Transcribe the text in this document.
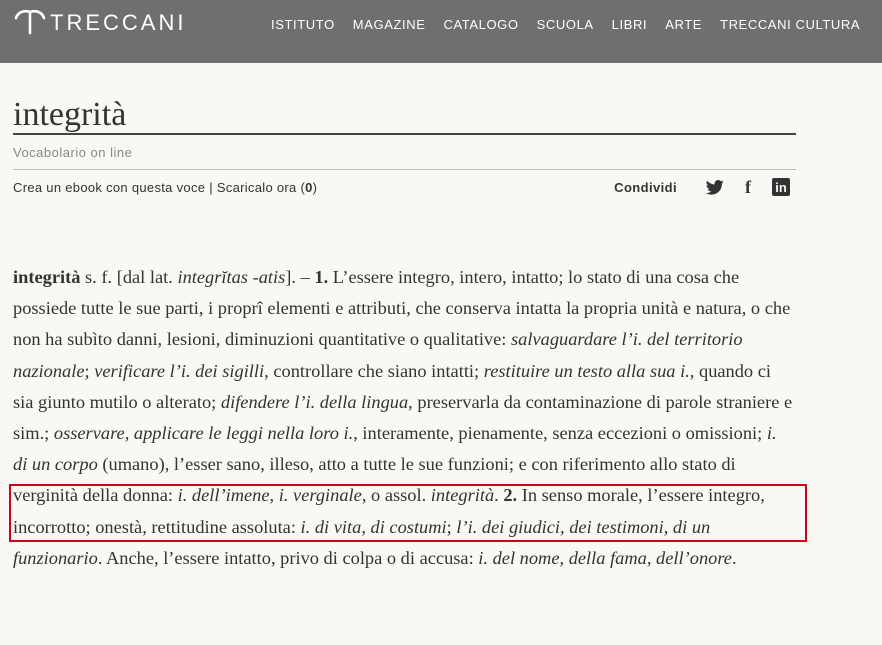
TRECCANI	ISTITUTO MAGAZINE CATALOGO SCUOLA LIBRI ARTE TRECCANI CULTURA
integrità
Vocabolario on line
Crea un ebook con questa voce | Scaricalo ora (0)	Condividi	f	in

integrità s. f. [dal lat. integrĭtas -atis]. – 1. L’essere integro, intero, intatto; lo stato di una cosa che possiede tutte le sue parti, i proprî elementi e attributi, che conserva intatta la propria unità e natura, o che non ha subìto danni, lesioni, diminuzioni quantitative o qualitative: salvaguardare l’i. del territorio nazionale; verificare l’i. dei sigilli, controllare che siano intatti; restituire un testo alla sua i., quando ci sia giunto mutilo o alterato; difendere l’i. della lingua, preservarla da contaminazione di parole straniere e sim.; osservare, applicare le leggi nella loro i., interamente, pienamente, senza eccezioni o omissioni; i. di un corpo (umano), l’esser sano, illeso, atto a tutte le sue funzioni; e con riferimento allo stato di verginità della donna: i. dell’imene, i. verginale, o assol. integrità. 2. In senso morale, l’essere integro, incorrotto; onestà, rettitudine assoluta: i. di vita, di costumi; l’i. dei giudici, dei testimoni, di un funzionario. Anche, l’essere intatto, privo di colpa o di accusa: i. del nome, della fama, dell’onore.
